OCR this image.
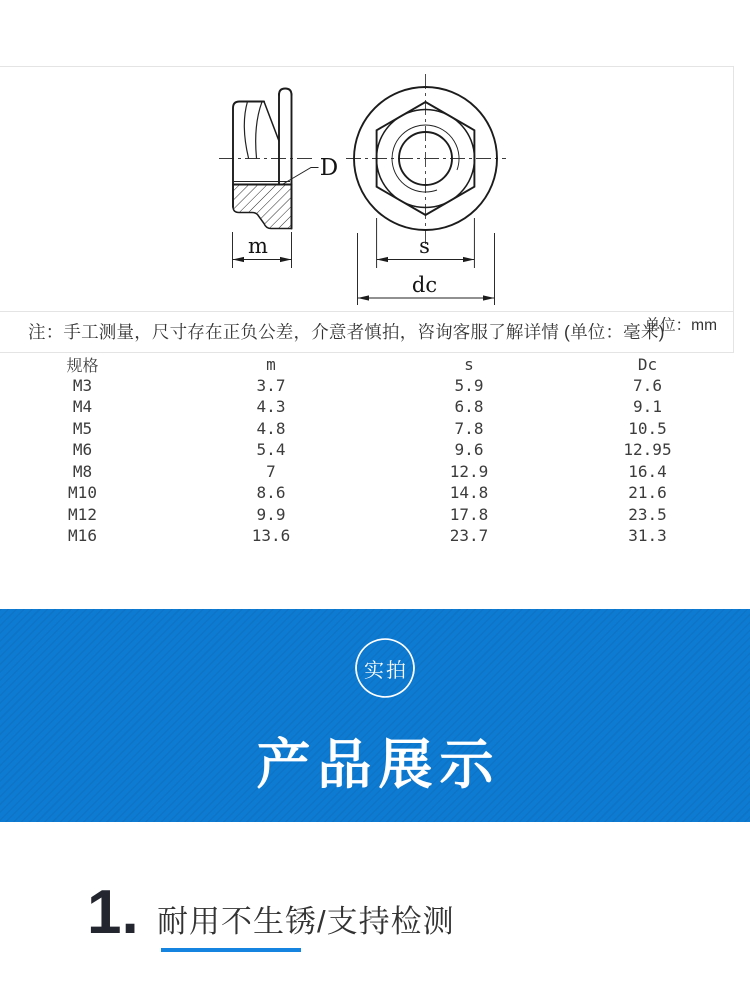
D
m	s
dc
注：手工测量，尺寸存在正负公差，介意者慎拍，咨询客服了解详情 (单位：毫米)
单位：mm
规格	m	s	Dc
M3	3.7	5.9	7.6
M4	4.3	6.8	9.1
M5	4.8	7.8	10.5
M6	5.4	9.6	12.95
M8	7	12.9	16.4
M10	8.6	14.8	21.6
M12	9.9	17.8	23.5
M16	13.6	23.7	31.3
实拍
产品展示
1. 耐用不生锈/支持检测
